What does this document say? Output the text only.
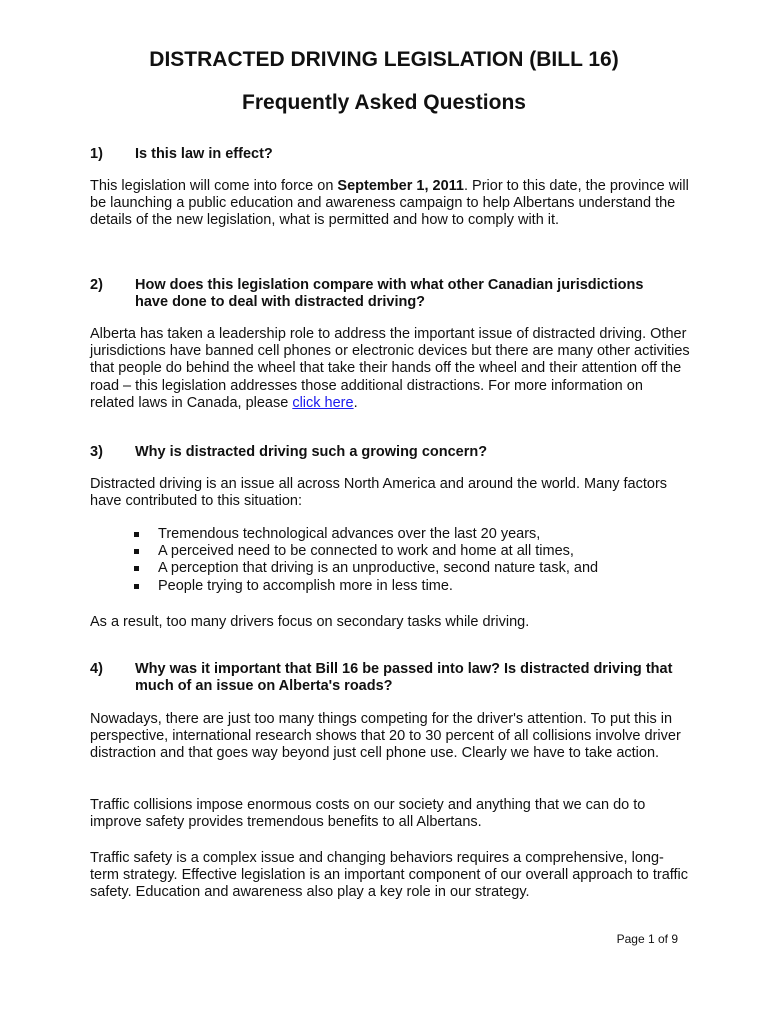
DISTRACTED DRIVING LEGISLATION (BILL 16)
Frequently Asked Questions
1) Is this law in effect?

This legislation will come into force on September 1, 2011. Prior to this date, the province will be launching a public education and awareness campaign to help Albertans understand the details of the new legislation, what is permitted and how to comply with it.

2) How does this legislation compare with what other Canadian jurisdictions have done to deal with distracted driving?

Alberta has taken a leadership role to address the important issue of distracted driving. Other jurisdictions have banned cell phones or electronic devices but there are many other activities that people do behind the wheel that take their hands off the wheel and their attention off the road – this legislation addresses those additional distractions. For more information on related laws in Canada, please click here.

3) Why is distracted driving such a growing concern?

Distracted driving is an issue all across North America and around the world. Many factors have contributed to this situation:

Tremendous technological advances over the last 20 years,
A perceived need to be connected to work and home at all times,
A perception that driving is an unproductive, second nature task, and
People trying to accomplish more in less time.

As a result, too many drivers focus on secondary tasks while driving.

4) Why was it important that Bill 16 be passed into law? Is distracted driving that much of an issue on Alberta's roads?

Nowadays, there are just too many things competing for the driver's attention. To put this in perspective, international research shows that 20 to 30 percent of all collisions involve driver distraction and that goes way beyond just cell phone use. Clearly we have to take action.

Traffic collisions impose enormous costs on our society and anything that we can do to improve safety provides tremendous benefits to all Albertans.

Traffic safety is a complex issue and changing behaviors requires a comprehensive, long-term strategy. Effective legislation is an important component of our overall approach to traffic safety. Education and awareness also play a key role in our strategy.

Page 1 of 9
